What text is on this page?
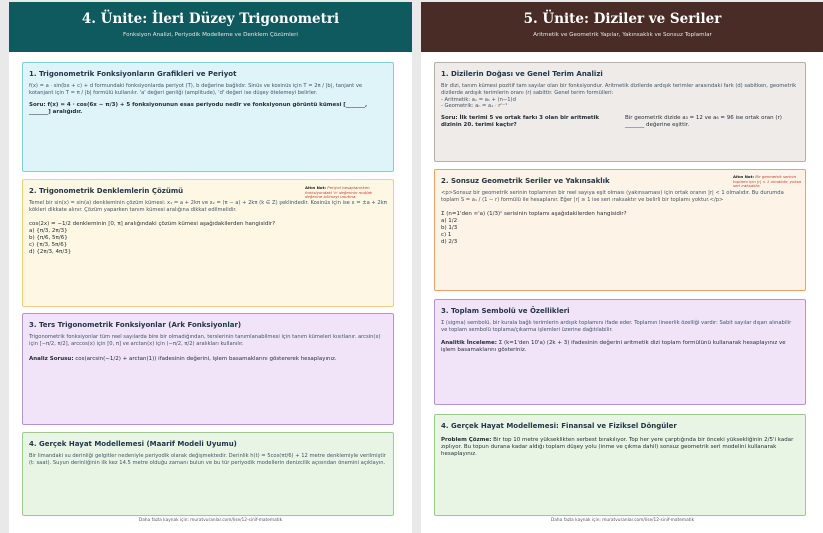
4. Ünite: İleri Düzey Trigonometri
Fonksiyon Analizi, Periyodik Modelleme ve Denklem Çözümleri
1. Trigonometrik Fonksiyonların Grafikleri ve Periyot
f(x) = a · sin(bx + c) + d formundaki fonksiyonlarda periyot (T), b değerine bağlıdır. Sinüs ve kosinüs için T = 2π / |b|, tanjant ve kotanjant için T = π / |b| formülü kullanılır. 'a' değeri genliği (amplitude), 'd' değeri ise düşey ötelemeyi belirler.
Soru: f(x) = 4 · cos(6x − π/3) + 5 fonksiyonunun esas periyodu nedir ve fonksiyonun görüntü kümesi [_______, _______] aralığıdır.
2. Trigonometrik Denklemlerin Çözümü	Altın Not: Periyot hesaplanırken fonksiyondaki 'b' değerinin mutlak değerine bölmeyi unutma.
Temel bir sin(x) = sin(a) denkleminin çözüm kümesi: x₁ = a + 2kπ ve x₂ = (π − a) + 2kπ (k ∈ Z) şeklindedir. Kosinüs için ise x = ±a + 2kπ kökleri dikkate alınır. Çözüm yaparken tanım kümesi aralığına dikkat edilmelidir.
cos(2x) = −1/2 denkleminin [0, π] aralığındaki çözüm kümesi aşağıdakilerden hangisidir?
a) {π/3, 2π/3}
b) {π/6, 5π/6}
c) {π/3, 5π/6}
d) {2π/3, 4π/3}
3. Ters Trigonometrik Fonksiyonlar (Ark Fonksiyonlar)
Trigonometrik fonksiyonlar tüm reel sayılarda bire bir olmadığından, terslerinin tanımlanabilmesi için tanım kümeleri kısıtlanır. arcsin(x) için [−π/2, π/2], arccos(x) için [0, π] ve arctan(x) için (−π/2, π/2) aralıkları kullanılır.
Analiz Sorusu: cos(arcsin(−1/2) + arctan(1)) ifadesinin değerini, işlem basamaklarını göstererek hesaplayınız.
4. Gerçek Hayat Modellemesi (Maarif Modeli Uyumu)
Bir limandaki su derinliği gelgitler nedeniyle periyodik olarak değişmektedir. Derinlik h(t) = 5cos(πt/6) + 12 metre denklemiyle verilmiştir (t: saat). Suyun derinliğinin ilk kez 14.5 metre olduğu zamanı bulun ve bu tür periyodik modellerin denizcilik açısından önemini açıklayın.
Daha fazla kaynak için: muratvuranlar.com/lise/12-sinif-matematik
5. Ünite: Diziler ve Seriler
Aritmetik ve Geometrik Yapılar, Yakınsaklık ve Sonsuz Toplamlar
1. Dizilerin Doğası ve Genel Terim Analizi
Bir dizi, tanım kümesi pozitif tam sayılar olan bir fonksiyondur. Aritmetik dizilerde ardışık terimler arasındaki fark (d) sabitken, geometrik dizilerde ardışık terimlerin oranı (r) sabittir. Genel terim formülleri:
- Aritmetik: aₙ = a₁ + (n−1)d
- Geometrik: aₙ = a₁ · rⁿ⁻¹
Soru: İlk terimi 5 ve ortak farkı 3 olan bir aritmetik dizinin 20. terimi kaçtır?
Bir geometrik dizide a₃ = 12 ve a₆ = 96 ise ortak oran (r) _______ değerine eşittir.
2. Sonsuz Geometrik Seriler ve Yakınsaklık
Altın Not: Bir geometrik serinin toplamı için |r| < 1 olmalıdır, yoksa seri ıraksaktır.
<p>Sonsuz bir geometrik serinin toplamının bir reel sayıya eşit olması (yakınsaması) için ortak oranın |r| < 1 olmalıdır. Bu durumda toplam S = a₁ / (1 − r) formülü ile hesaplanır. Eğer |r| ≥ 1 ise seri ıraksaktır ve belirli bir toplamı yoktur.</p>
Σ (n=1'den ∞'a) (1/3)ⁿ serisinin toplamı aşağıdakilerden hangisidir?
a) 1/2
b) 1/3
c) 1
d) 2/3
3. Toplam Sembolü ve Özellikleri
Σ (sigma) sembolü, bir kurala bağlı terimlerin ardışık toplamını ifade eder. Toplamın lineerlik özelliği vardır: Sabit sayılar dışarı alınabilir ve toplam sembolü toplama/çıkarma işlemleri üzerine dağıtılabilir.
Analitik İnceleme: Σ (k=1'den 10'a) (2k + 3) ifadesinin değerini aritmetik dizi toplam formülünü kullanarak hesaplayınız ve işlem basamaklarını gösteriniz.
4. Gerçek Hayat Modellemesi: Finansal ve Fiziksel Döngüler
Problem Çözme: Bir top 10 metre yükseklikten serbest bırakılıyor. Top her yere çarptığında bir önceki yüksekliğinin 2/5'i kadar zıplıyor. Bu topun durana kadar aldığı toplam düşey yolu (inme ve çıkma dahil) sonsuz geometrik seri modelini kullanarak hesaplayınız.
Daha fazla kaynak için: muratvuranlar.com/lise/12-sinif-matematik
